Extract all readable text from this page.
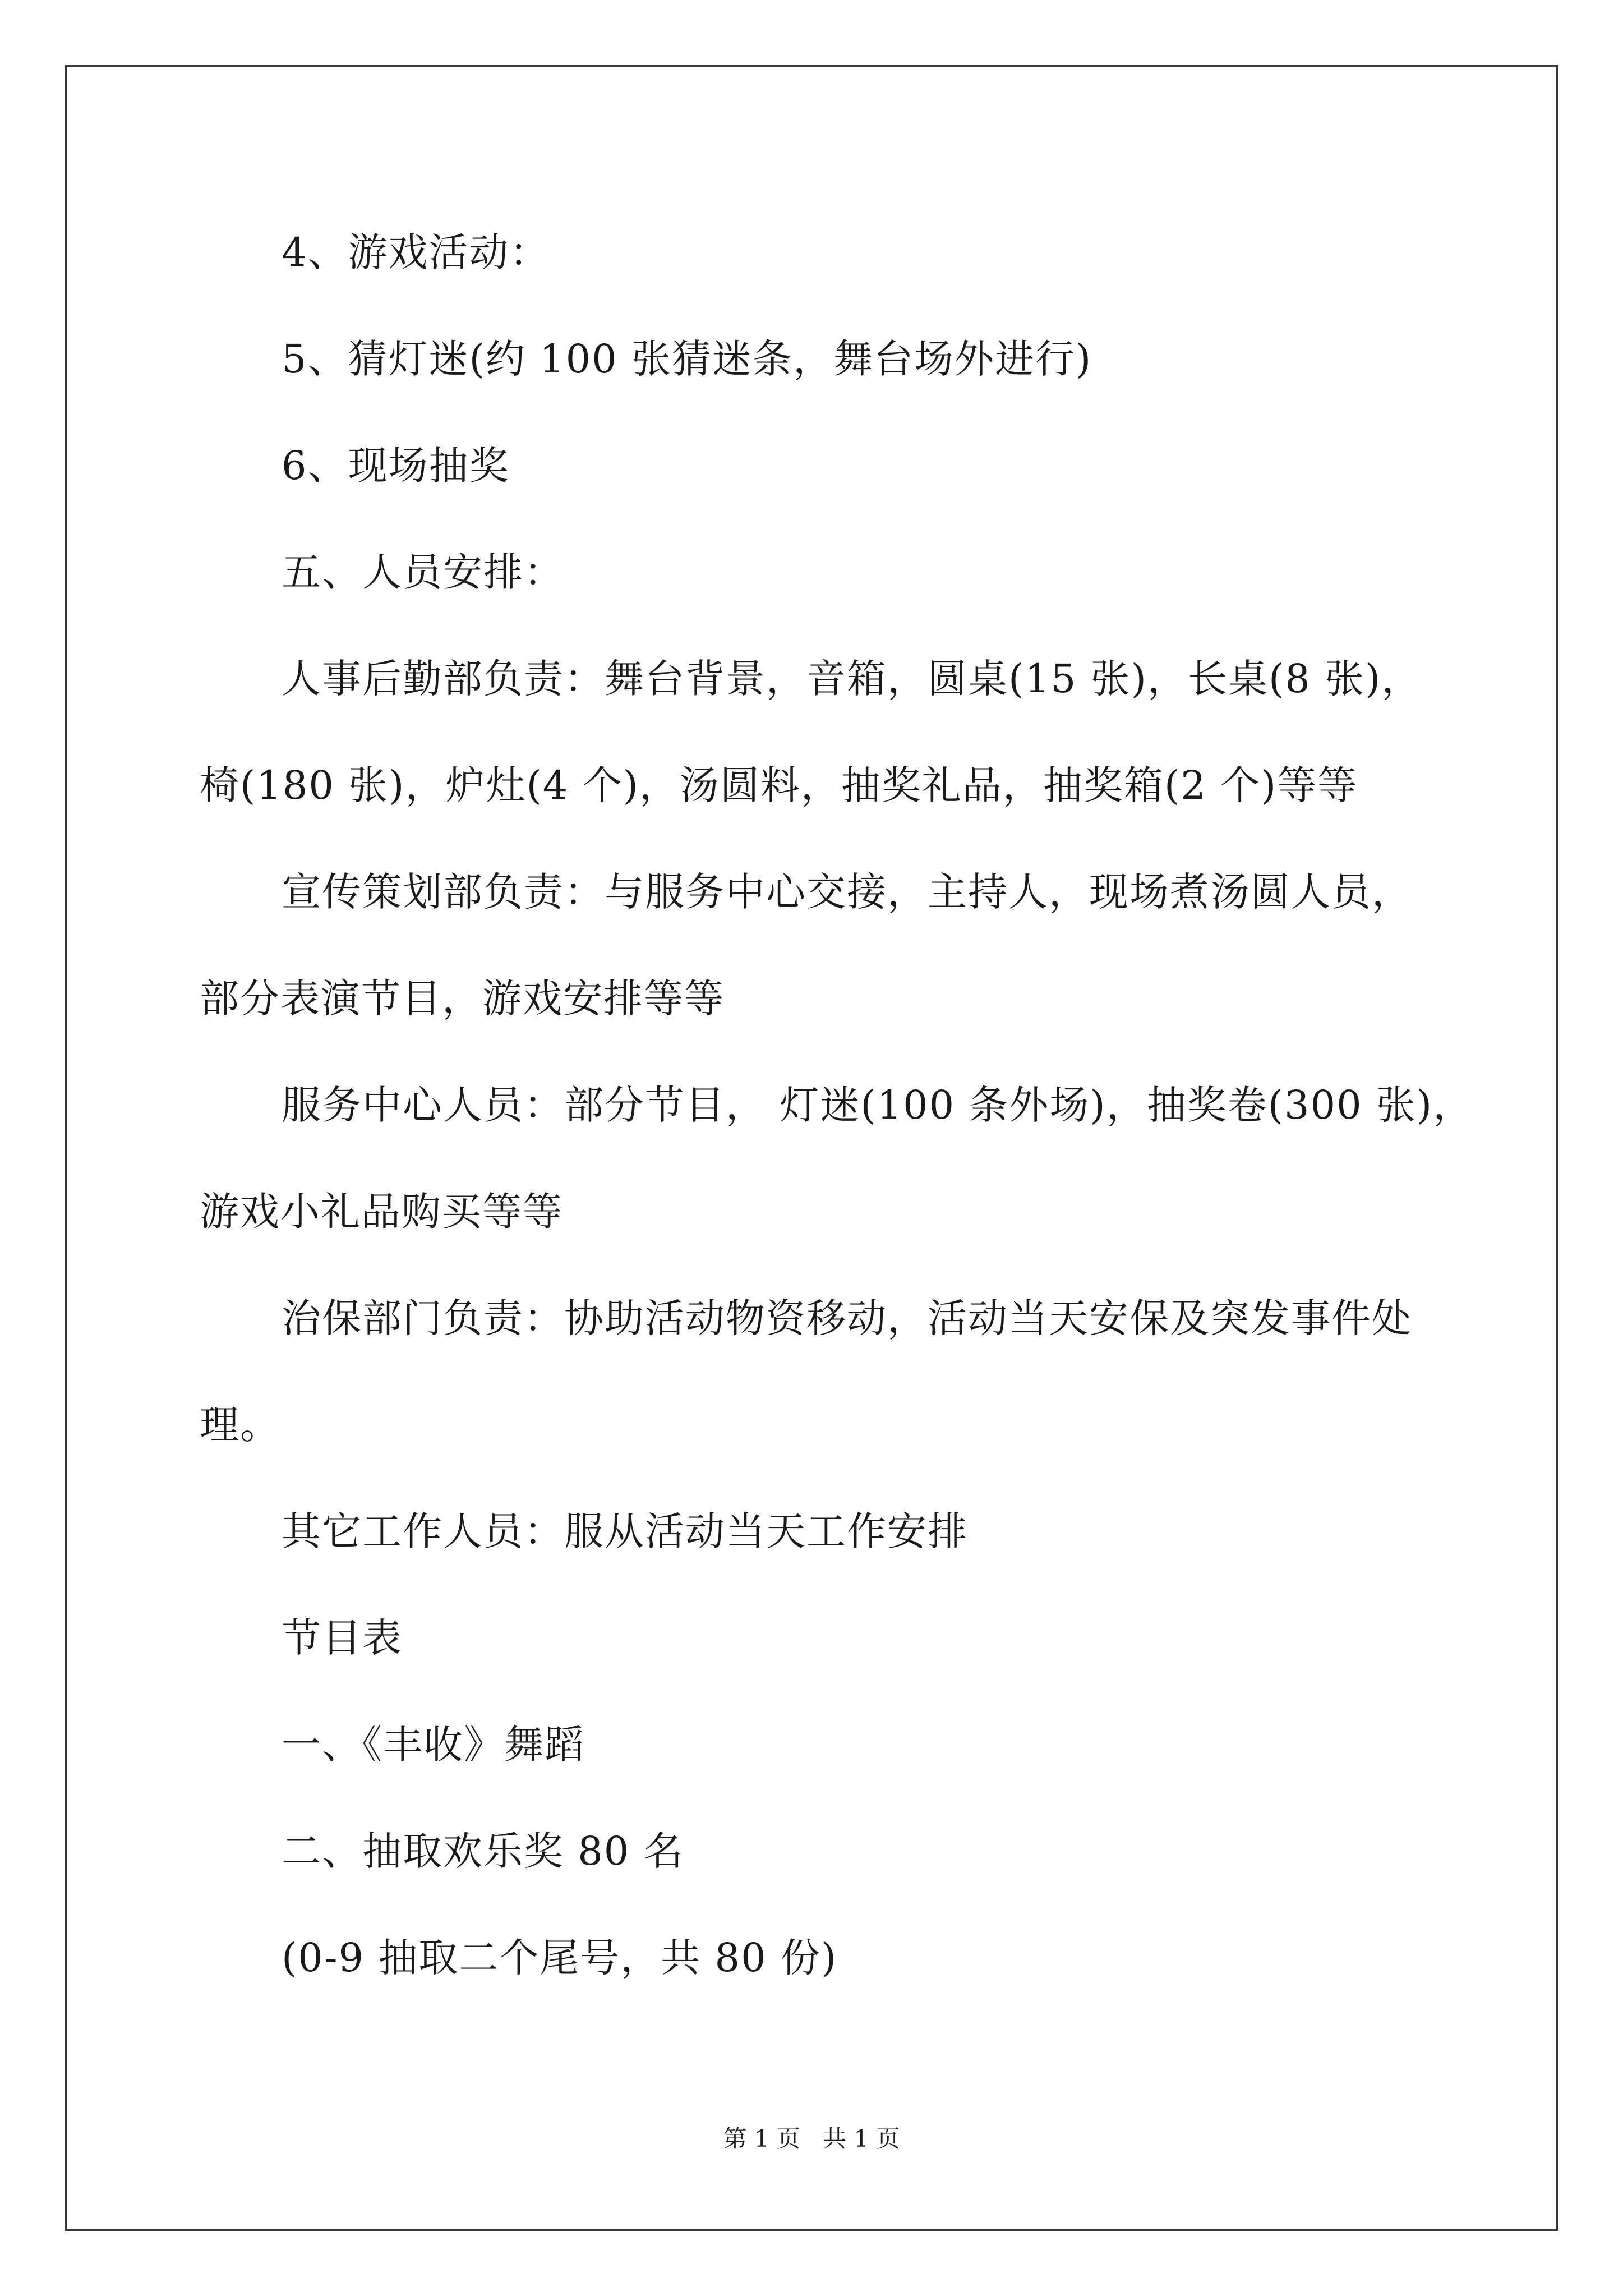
4、游戏活动：
5、猜灯迷(约 100 张猜迷条，舞台场外进行)
6、现场抽奖
五、人员安排：
人事后勤部负责：舞台背景，音箱，圆桌(15 张)，长桌(8 张)，
椅(180 张)，炉灶(4 个)，汤圆料，抽奖礼品，抽奖箱(2 个)等等
宣传策划部负责：与服务中心交接，主持人，现场煮汤圆人员，
部分表演节目，游戏安排等等
服务中心人员：部分节目， 灯迷(100 条外场)，抽奖卷(300 张)，
游戏小礼品购买等等
治保部门负责：协助活动物资移动，活动当天安保及突发事件处
理。
其它工作人员：服从活动当天工作安排
节目表
一、《丰收》舞蹈
二、抽取欢乐奖 80 名
(0-9 抽取二个尾号，共 80 份)
第 1 页   共 1 页
